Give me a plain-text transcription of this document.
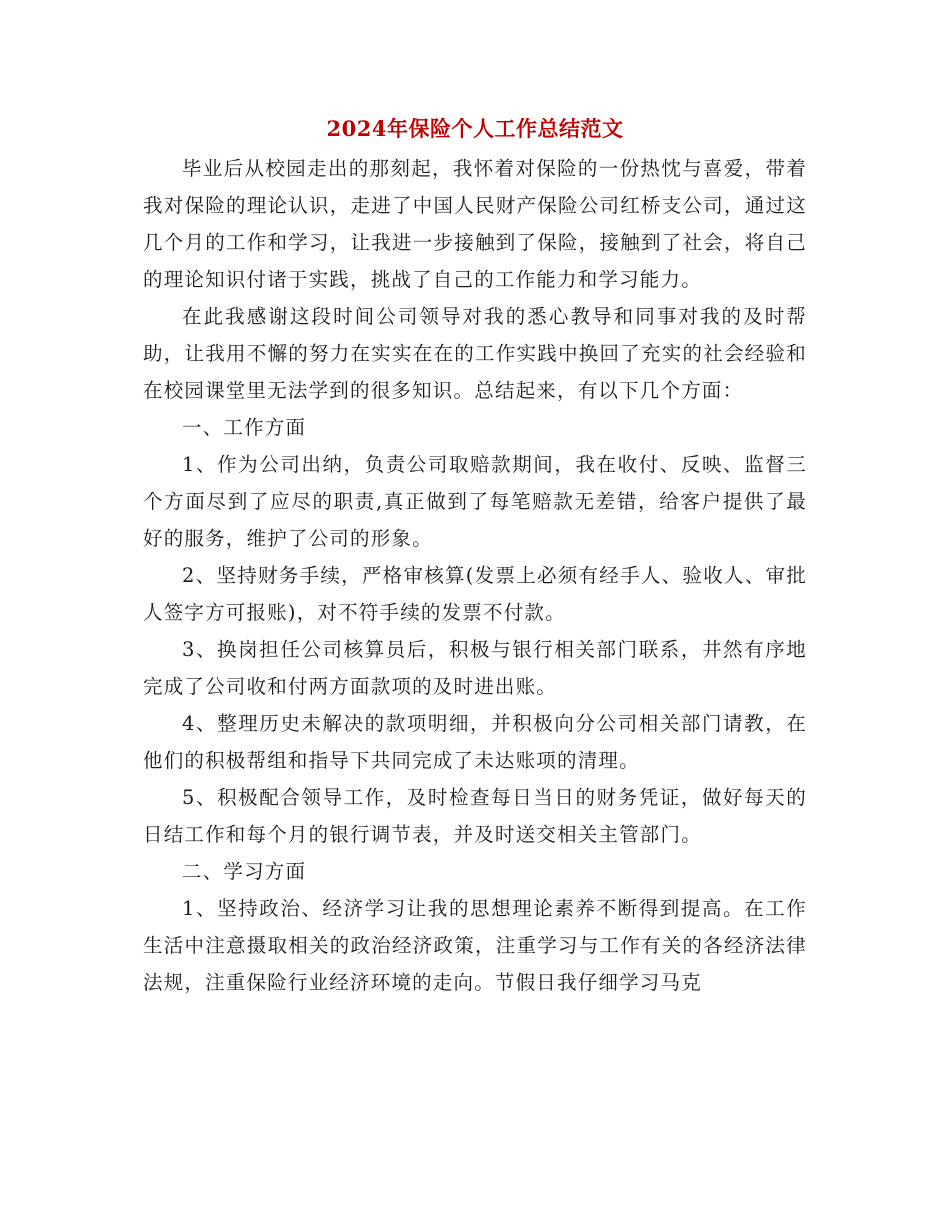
2024年保险个人工作总结范文

毕业后从校园走出的那刻起，我怀着对保险的一份热忱与喜爱，带着我对保险的理论认识，走进了中国人民财产保险公司红桥支公司，通过这几个月的工作和学习，让我进一步接触到了保险，接触到了社会，将自己的理论知识付诸于实践，挑战了自己的工作能力和学习能力。

在此我感谢这段时间公司领导对我的悉心教导和同事对我的及时帮助，让我用不懈的努力在实实在在的工作实践中换回了充实的社会经验和在校园课堂里无法学到的很多知识。总结起来，有以下几个方面：

一、工作方面

1、作为公司出纳，负责公司取赔款期间，我在收付、反映、监督三个方面尽到了应尽的职责,真正做到了每笔赔款无差错，给客户提供了最好的服务，维护了公司的形象。

2、坚持财务手续，严格审核算(发票上必须有经手人、验收人、审批人签字方可报账)，对不符手续的发票不付款。

3、换岗担任公司核算员后，积极与银行相关部门联系，井然有序地完成了公司收和付两方面款项的及时进出账。

4、整理历史未解决的款项明细，并积极向分公司相关部门请教，在他们的积极帮组和指导下共同完成了未达账项的清理。

5、积极配合领导工作，及时检查每日当日的财务凭证，做好每天的日结工作和每个月的银行调节表，并及时送交相关主管部门。

二、学习方面

1、坚持政治、经济学习让我的思想理论素养不断得到提高。在工作生活中注意摄取相关的政治经济政策，注重学习与工作有关的各经济法律法规，注重保险行业经济环境的走向。节假日我仔细学习马克
